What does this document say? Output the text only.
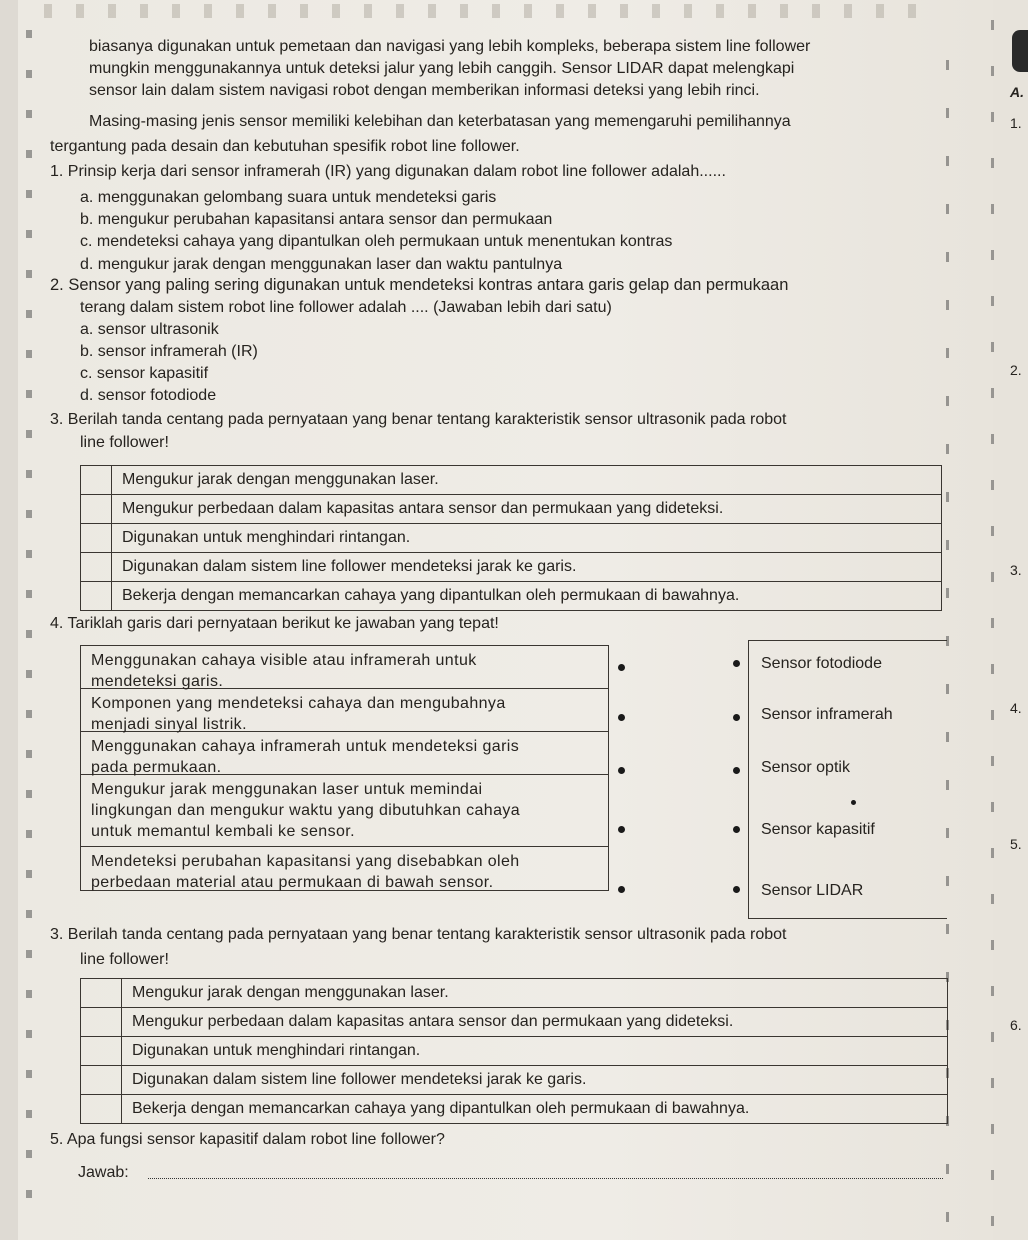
biasanya digunakan untuk pemetaan dan navigasi yang lebih kompleks, beberapa sistem line follower
mungkin menggunakannya untuk deteksi jalur yang lebih canggih. Sensor LIDAR dapat melengkapi
sensor lain dalam sistem navigasi robot dengan memberikan informasi deteksi yang lebih rinci.
Masing-masing jenis sensor memiliki kelebihan dan keterbatasan yang memengaruhi pemilihannya
tergantung pada desain dan kebutuhan spesifik robot line follower.
1. Prinsip kerja dari sensor inframerah (IR) yang digunakan dalam robot line follower adalah......
a. menggunakan gelombang suara untuk mendeteksi garis
b. mengukur perubahan kapasitansi antara sensor dan permukaan
c. mendeteksi cahaya yang dipantulkan oleh permukaan untuk menentukan kontras
d. mengukur jarak dengan menggunakan laser dan waktu pantulnya
2. Sensor yang paling sering digunakan untuk mendeteksi kontras antara garis gelap dan permukaan
terang dalam sistem robot line follower adalah .... (Jawaban lebih dari satu)
a. sensor ultrasonik
b. sensor inframerah (IR)
c. sensor kapasitif
d. sensor fotodiode
3. Berilah tanda centang pada pernyataan yang benar tentang karakteristik sensor ultrasonik pada robot
line follower!
	Mengukur jarak dengan menggunakan laser.
	Mengukur perbedaan dalam kapasitas antara sensor dan permukaan yang dideteksi.
	Digunakan untuk menghindari rintangan.
	Digunakan dalam sistem line follower mendeteksi jarak ke garis.
	Bekerja dengan memancarkan cahaya yang dipantulkan oleh permukaan di bawahnya.
4. Tariklah garis dari pernyataan berikut ke jawaban yang tepat!
Menggunakan cahaya visible atau inframerah untuk
mendeteksi garis.
Komponen yang mendeteksi cahaya dan mengubahnya
menjadi sinyal listrik.
Menggunakan cahaya inframerah untuk mendeteksi garis
pada permukaan.
Mengukur jarak menggunakan laser untuk memindai
lingkungan dan mengukur waktu yang dibutuhkan cahaya
untuk memantul kembali ke sensor.
Mendeteksi perubahan kapasitansi yang disebabkan oleh
perbedaan material atau permukaan di bawah sensor.
Sensor fotodiode
Sensor inframerah
Sensor optik
Sensor kapasitif
Sensor LIDAR
3. Berilah tanda centang pada pernyataan yang benar tentang karakteristik sensor ultrasonik pada robot
line follower!
	Mengukur jarak dengan menggunakan laser.
	Mengukur perbedaan dalam kapasitas antara sensor dan permukaan yang dideteksi.
	Digunakan untuk menghindari rintangan.
	Digunakan dalam sistem line follower mendeteksi jarak ke garis.
	Bekerja dengan memancarkan cahaya yang dipantulkan oleh permukaan di bawahnya.
5. Apa fungsi sensor kapasitif dalam robot line follower?
Jawab:
A.
1.
2.
3.
4.
5.
6.
